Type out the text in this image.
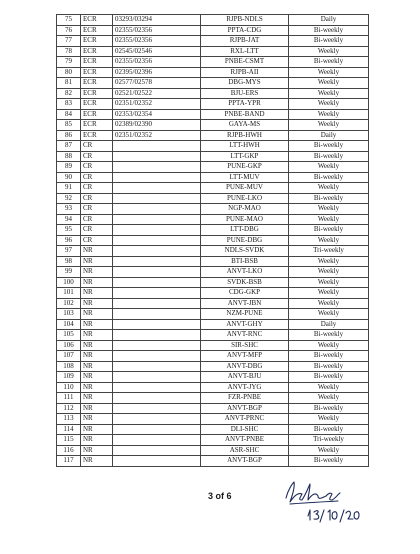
75	ECR	03293/03294	RJPB-NDLS	Daily
76	ECR	02355/02356	PPTA-CDG	Bi-weekly
77	ECR	02355/02356	RJPB-JAT	Bi-weekly
78	ECR	02545/02546	RXL-LTT	Weekly
79	ECR	02355/02356	PNBE-CSMT	Bi-weekly
80	ECR	02395/02396	RJPB-AII	Weekly
81	ECR	02577/02578	DBG-MYS	Weekly
82	ECR	02521/02522	BJU-ERS	Weekly
83	ECR	02351/02352	PPTA-YPR	Weekly
84	ECR	02353/02354	PNBE-BAND	Weekly
85	ECR	02389/02390	GAYA-MS	Weekly
86	ECR	02351/02352	RJPB-HWH	Daily
87	CR		LTT-HWH	Bi-weekly
88	CR		LTT-GKP	Bi-weekly
89	CR		PUNE-GKP	Weekly
90	CR		LTT-MUV	Bi-weekly
91	CR		PUNE-MUV	Weekly
92	CR		PUNE-LKO	Bi-weekly
93	CR		NGP-MAO	Weekly
94	CR		PUNE-MAO	Weekly
95	CR		LTT-DBG	Bi-weekly
96	CR		PUNE-DBG	Weekly
97	NR		NDLS-SVDK	Tri-weekly
98	NR		BTI-BSB	Weekly
99	NR		ANVT-LKO	Weekly
100	NR		SVDK-BSB	Weekly
101	NR		CDG-GKP	Weekly
102	NR		ANVT-JBN	Weekly
103	NR		NZM-PUNE	Weekly
104	NR		ANVT-GHY	Daily
105	NR		ANVT-RNC	Bi-weekly
106	NR		SIR-SHC	Weekly
107	NR		ANVT-MFP	Bi-weekly
108	NR		ANVT-DBG	Bi-weekly
109	NR		ANVT-BJU	Bi-weekly
110	NR		ANVT-JYG	Weekly
111	NR		FZR-PNBE	Weekly
112	NR		ANVT-BGP	Bi-weekly
113	NR		ANVT-PRNC	Weekly
114	NR		DLI-SHC	Bi-weekly
115	NR		ANVT-PNBE	Tri-weekly
116	NR		ASR-SHC	Weekly
117	NR		ANVT-BGP	Bi-weekly
3 of 6
